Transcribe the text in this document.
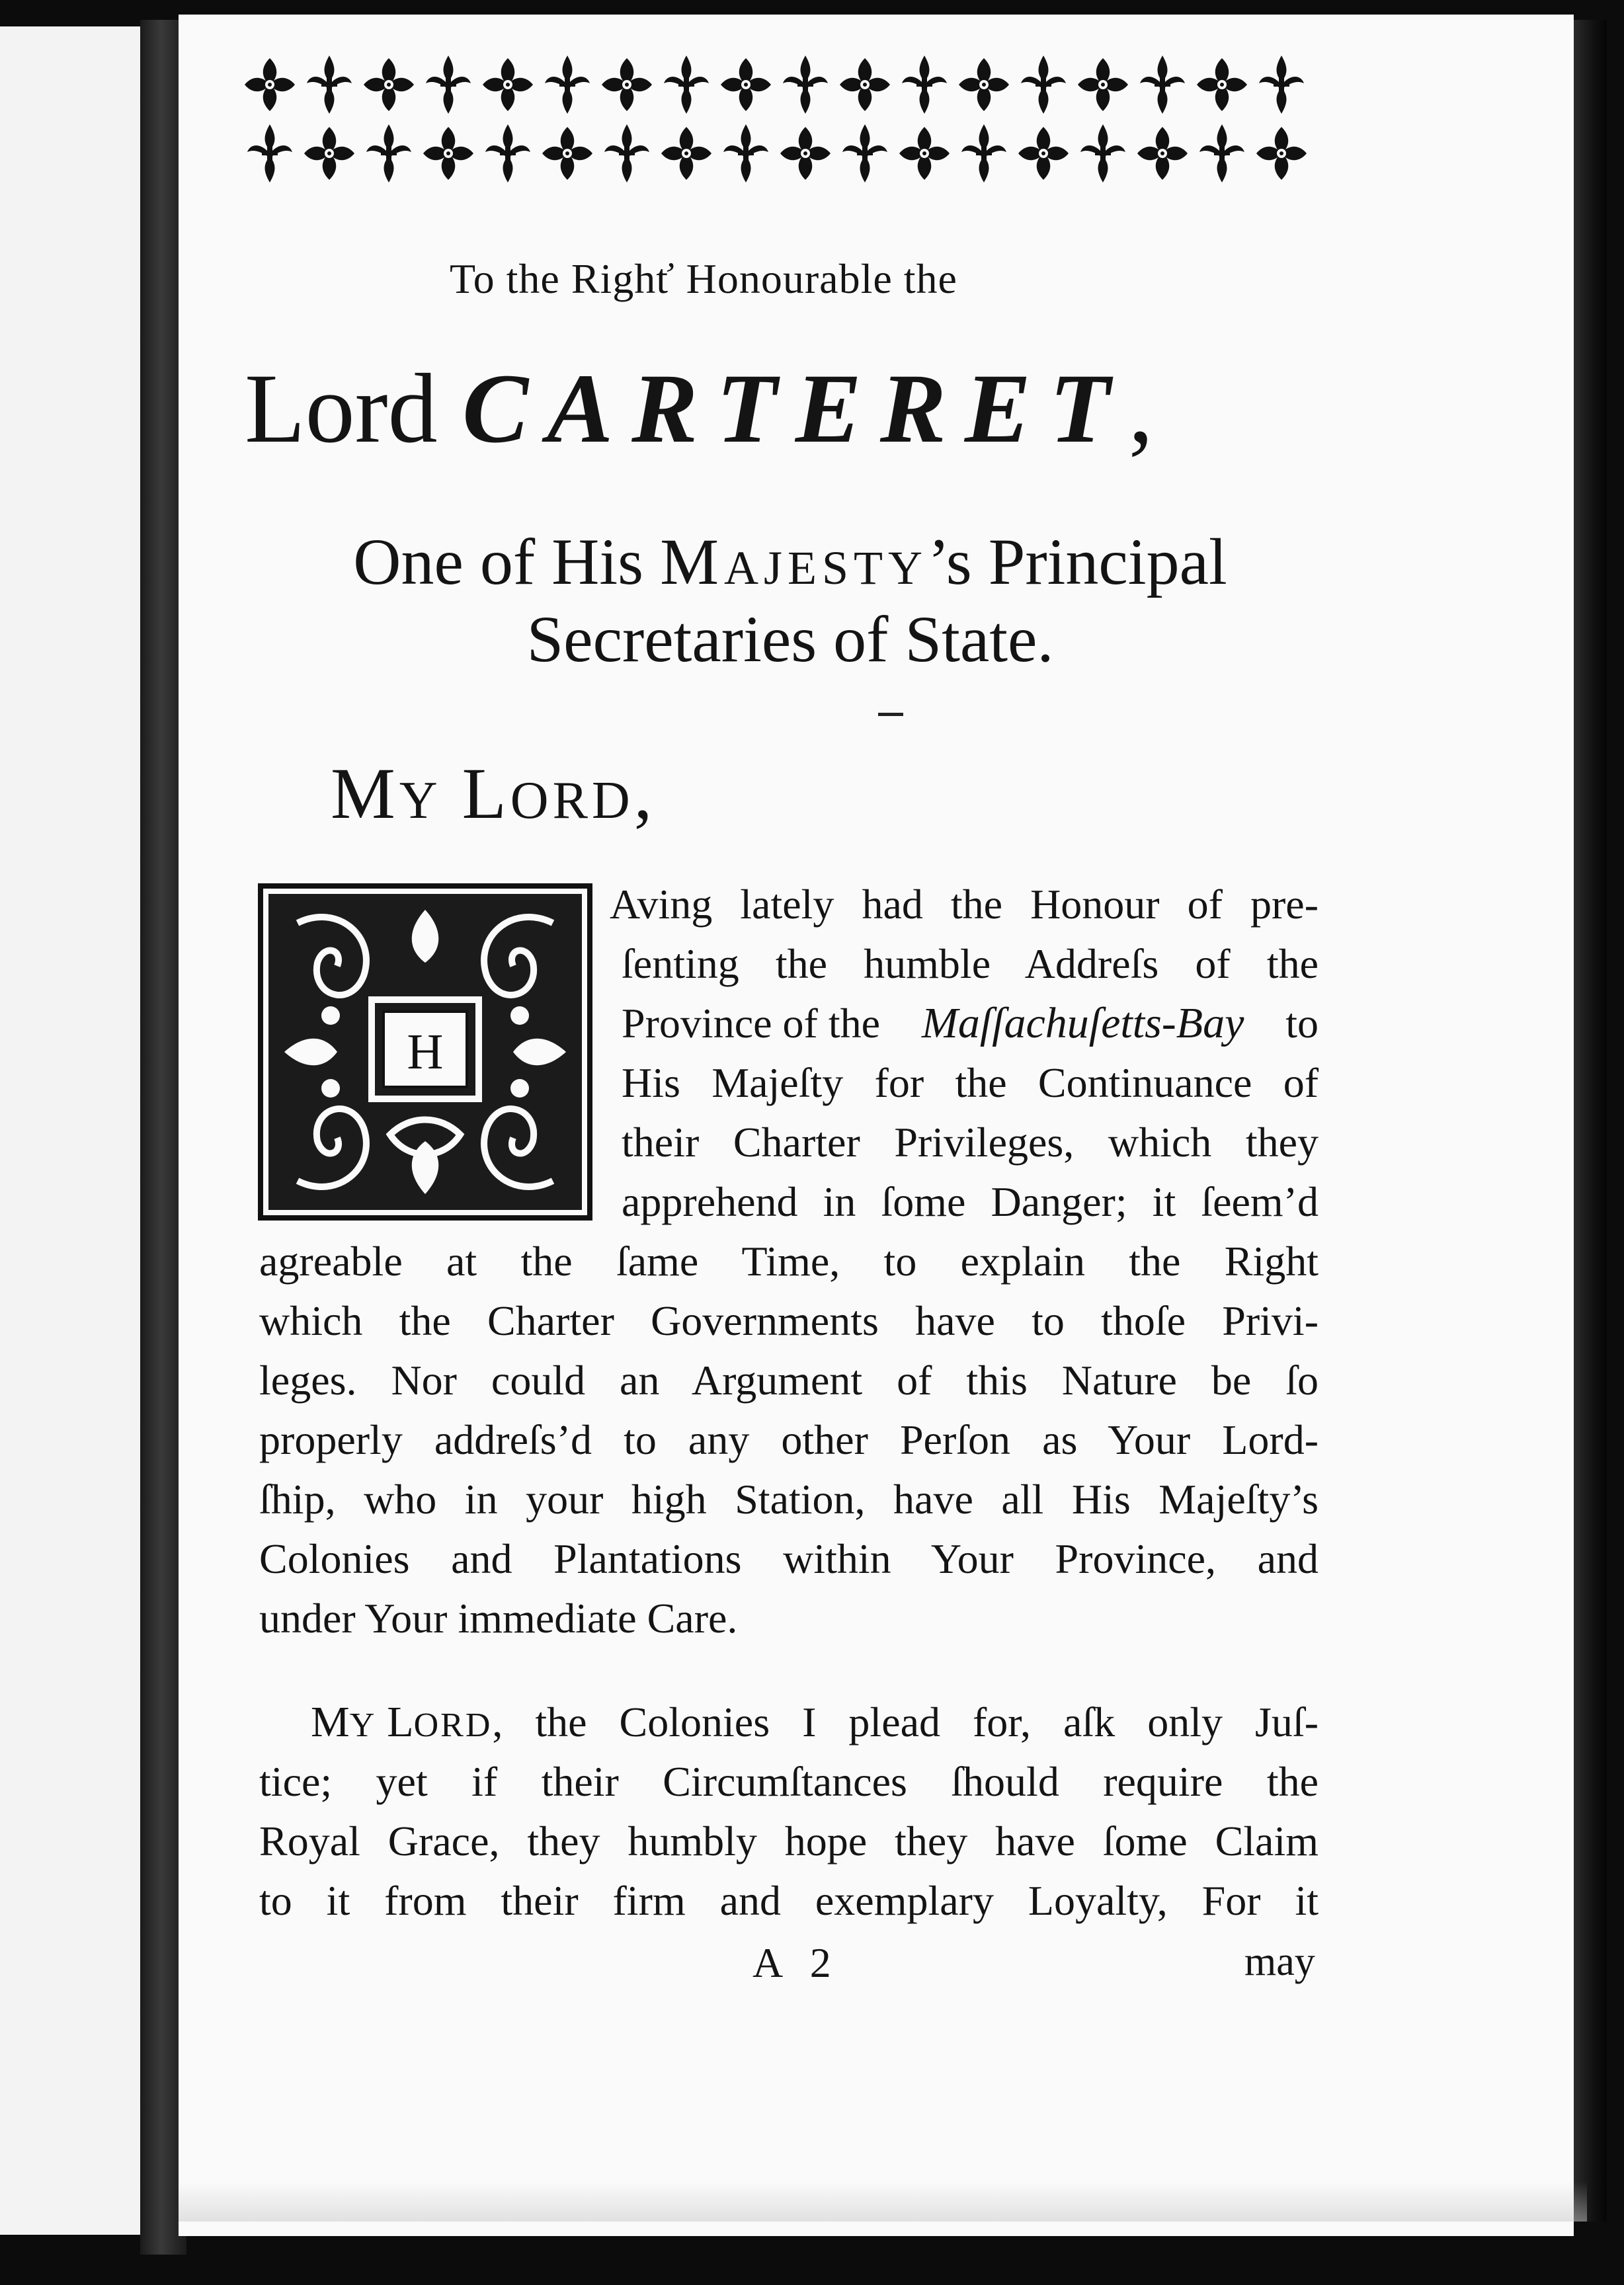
To the Righť Honourable the
Lord CARTERET,
One of His MAJESTY’s Principal
Secretaries of State.
MY LORD,
H
Aving lately had the Honour of pre-
ſenting the humble Addreſs of the
Province of the Maſſachuſetts-Bay to
His Majeſty for the Continuance of
their Charter Privileges, which they
apprehend in ſome Danger; it ſeem’d
agreable at the ſame Time, to explain the Right
which the Charter Governments have to thoſe Privi-
leges. Nor could an Argument of this Nature be ſo
properly addreſs’d to any other Perſon as Your Lord-
ſhip, who in your high Station, have all His Majeſty’s
Colonies and Plantations within Your Province, and
under Your immediate Care.
MY LORD , the Colonies I plead for, aſk only Juſ-
tice; yet if their Circumſtances ſhould require the
Royal Grace, they humbly hope they have ſome Claim
to it from their firm and exemplary Loyalty, For it
A 2	may
